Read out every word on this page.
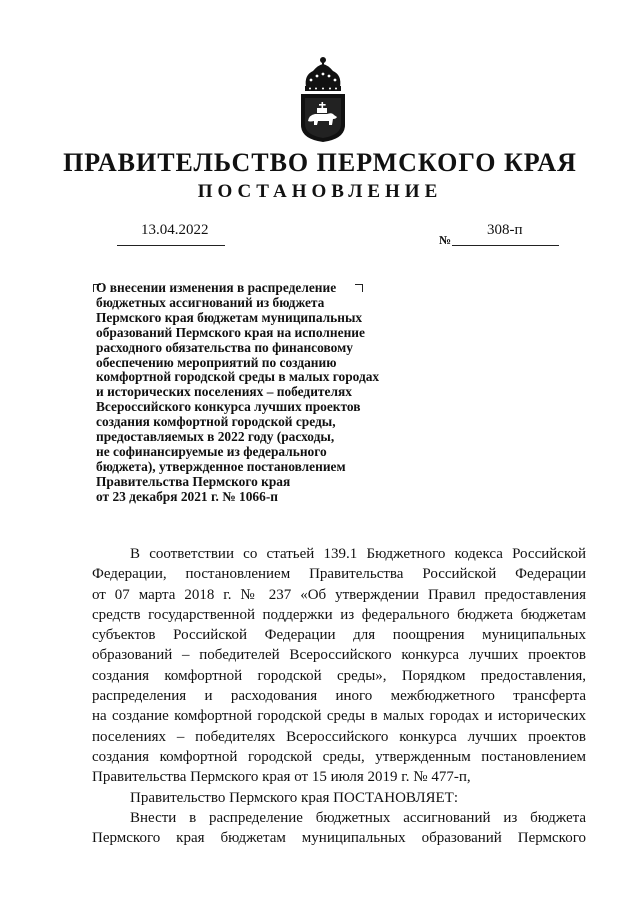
ПРАВИТЕЛЬСТВО ПЕРМСКОГО КРАЯ
ПОСТАНОВЛЕНИЕ
13.04.2022
№
308-п
О внесении изменения в распределение
бюджетных ассигнований из бюджета
Пермского края бюджетам муниципальных
образований Пермского края на исполнение
расходного обязательства по финансовому
обеспечению мероприятий по созданию
комфортной городской среды в малых городах
и исторических поселениях – победителях
Всероссийского конкурса лучших проектов
создания комфортной городской среды,
предоставляемых в 2022 году (расходы,
не софинансируемые из федерального
бюджета), утвержденное постановлением
Правительства Пермского края
от 23 декабря 2021 г. № 1066-п

В соответствии со статьей 139.1 Бюджетного кодекса Российской

Федерации, постановлением Правительства Российской Федерации

от 07 марта 2018 г. № 237 «Об утверждении Правил предоставления

средств государственной поддержки из федерального бюджета бюджетам

субъектов Российской Федерации для поощрения муниципальных

образований – победителей Всероссийского конкурса лучших проектов

создания комфортной городской среды», Порядком предоставления,

распределения и расходования иного межбюджетного трансферта

на создание комфортной городской среды в малых городах и исторических

поселениях – победителях Всероссийского конкурса лучших проектов

создания комфортной городской среды, утвержденным постановлением

Правительства Пермского края от 15 июля 2019 г. № 477-п,

Правительство Пермского края ПОСТАНОВЛЯЕТ:

Внести в распределение бюджетных ассигнований из бюджета

Пермского края бюджетам муниципальных образований Пермского
